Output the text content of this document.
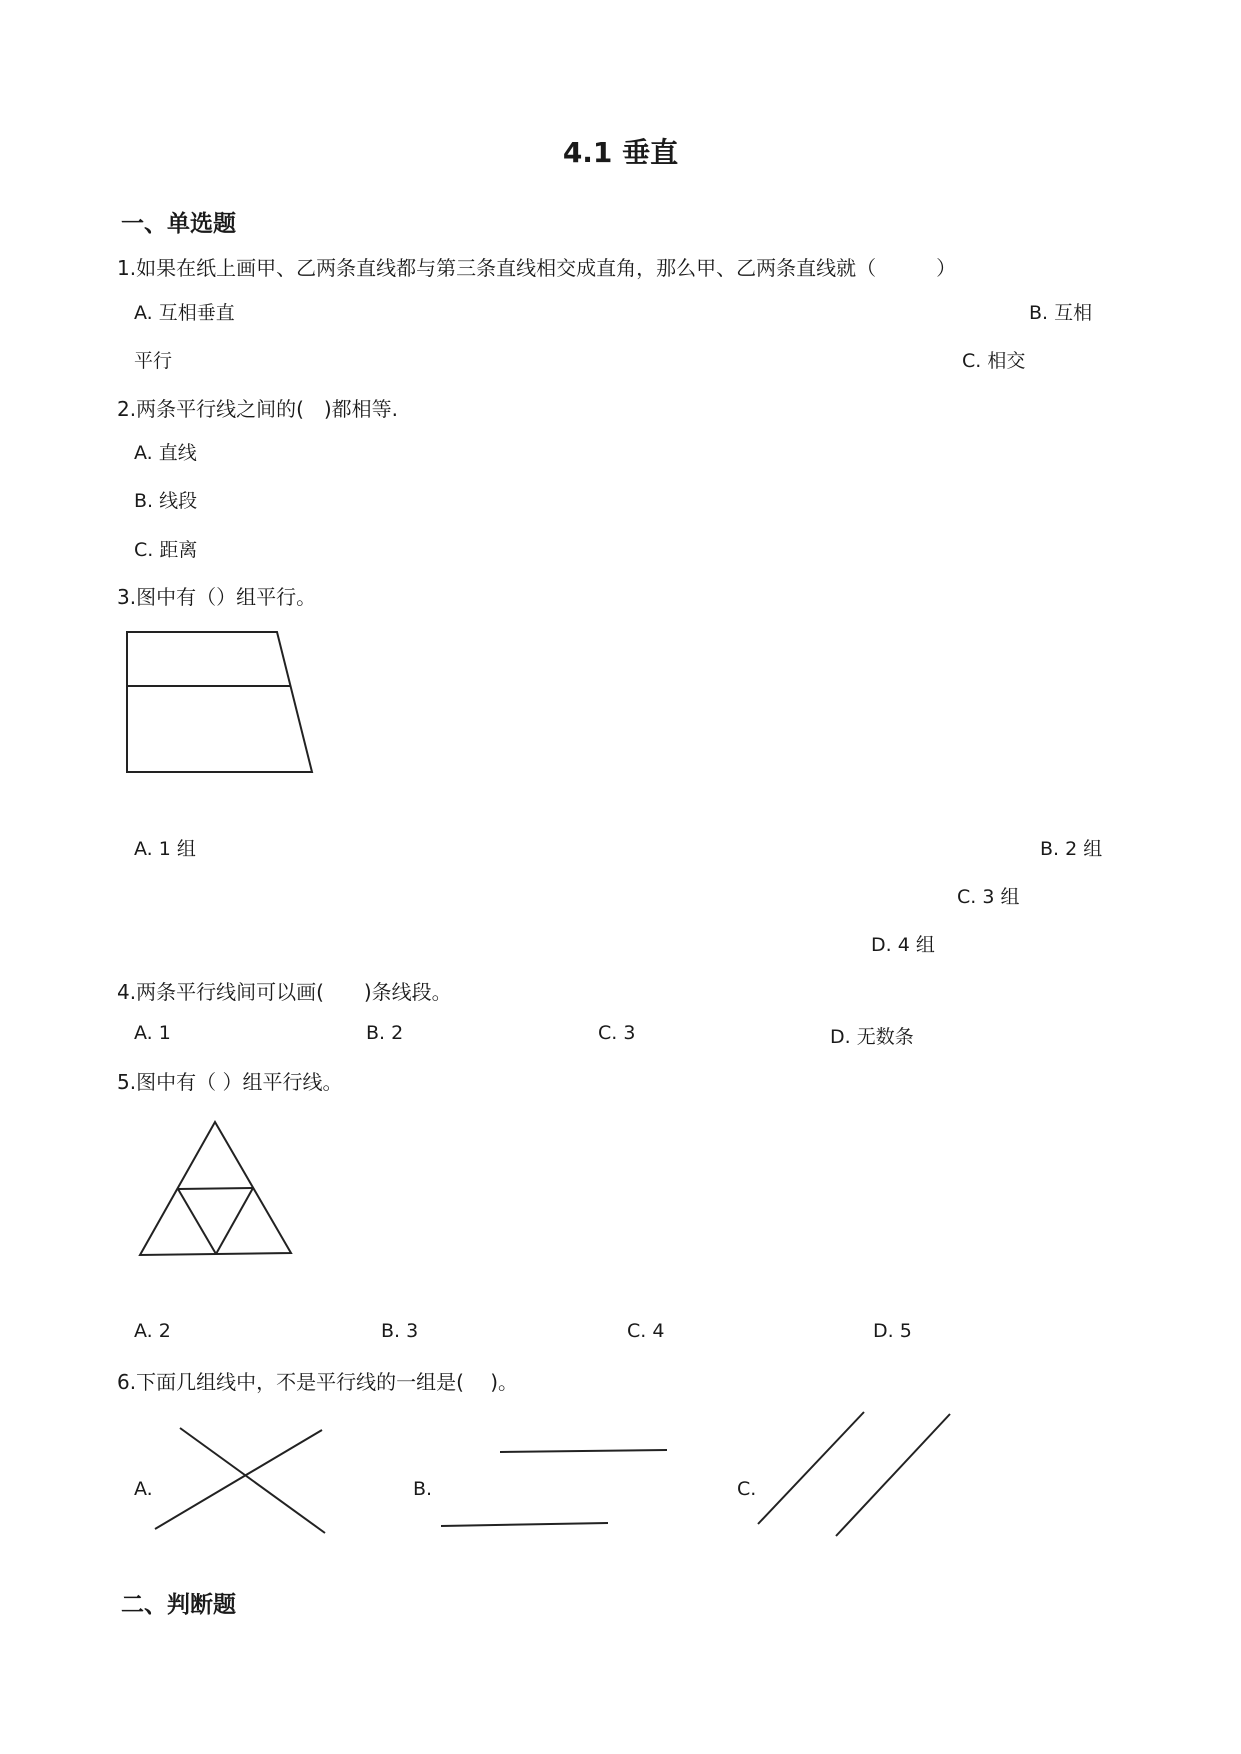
4.1 垂直
一、单选题
1.如果在纸上画甲、乙两条直线都与第三条直线相交成直角，那么甲、乙两条直线就（　　　）
A. 互相垂直	B. 互相
平行	C. 相交
2.两条平行线之间的(　)都相等.
A. 直线
B. 线段
C. 距离
3.图中有（）组平行。
A. 1 组	B. 2 组
C. 3 组
D. 4 组
4.两条平行线间可以画(　　)条线段。
A. 1	B. 2	C. 3	D. 无数条
5.图中有（ ）组平行线。
A. 2	B. 3	C. 4	D. 5
6.下面几组线中，不是平行线的一组是(　 )。
A.	B.	C.
二、判断题
